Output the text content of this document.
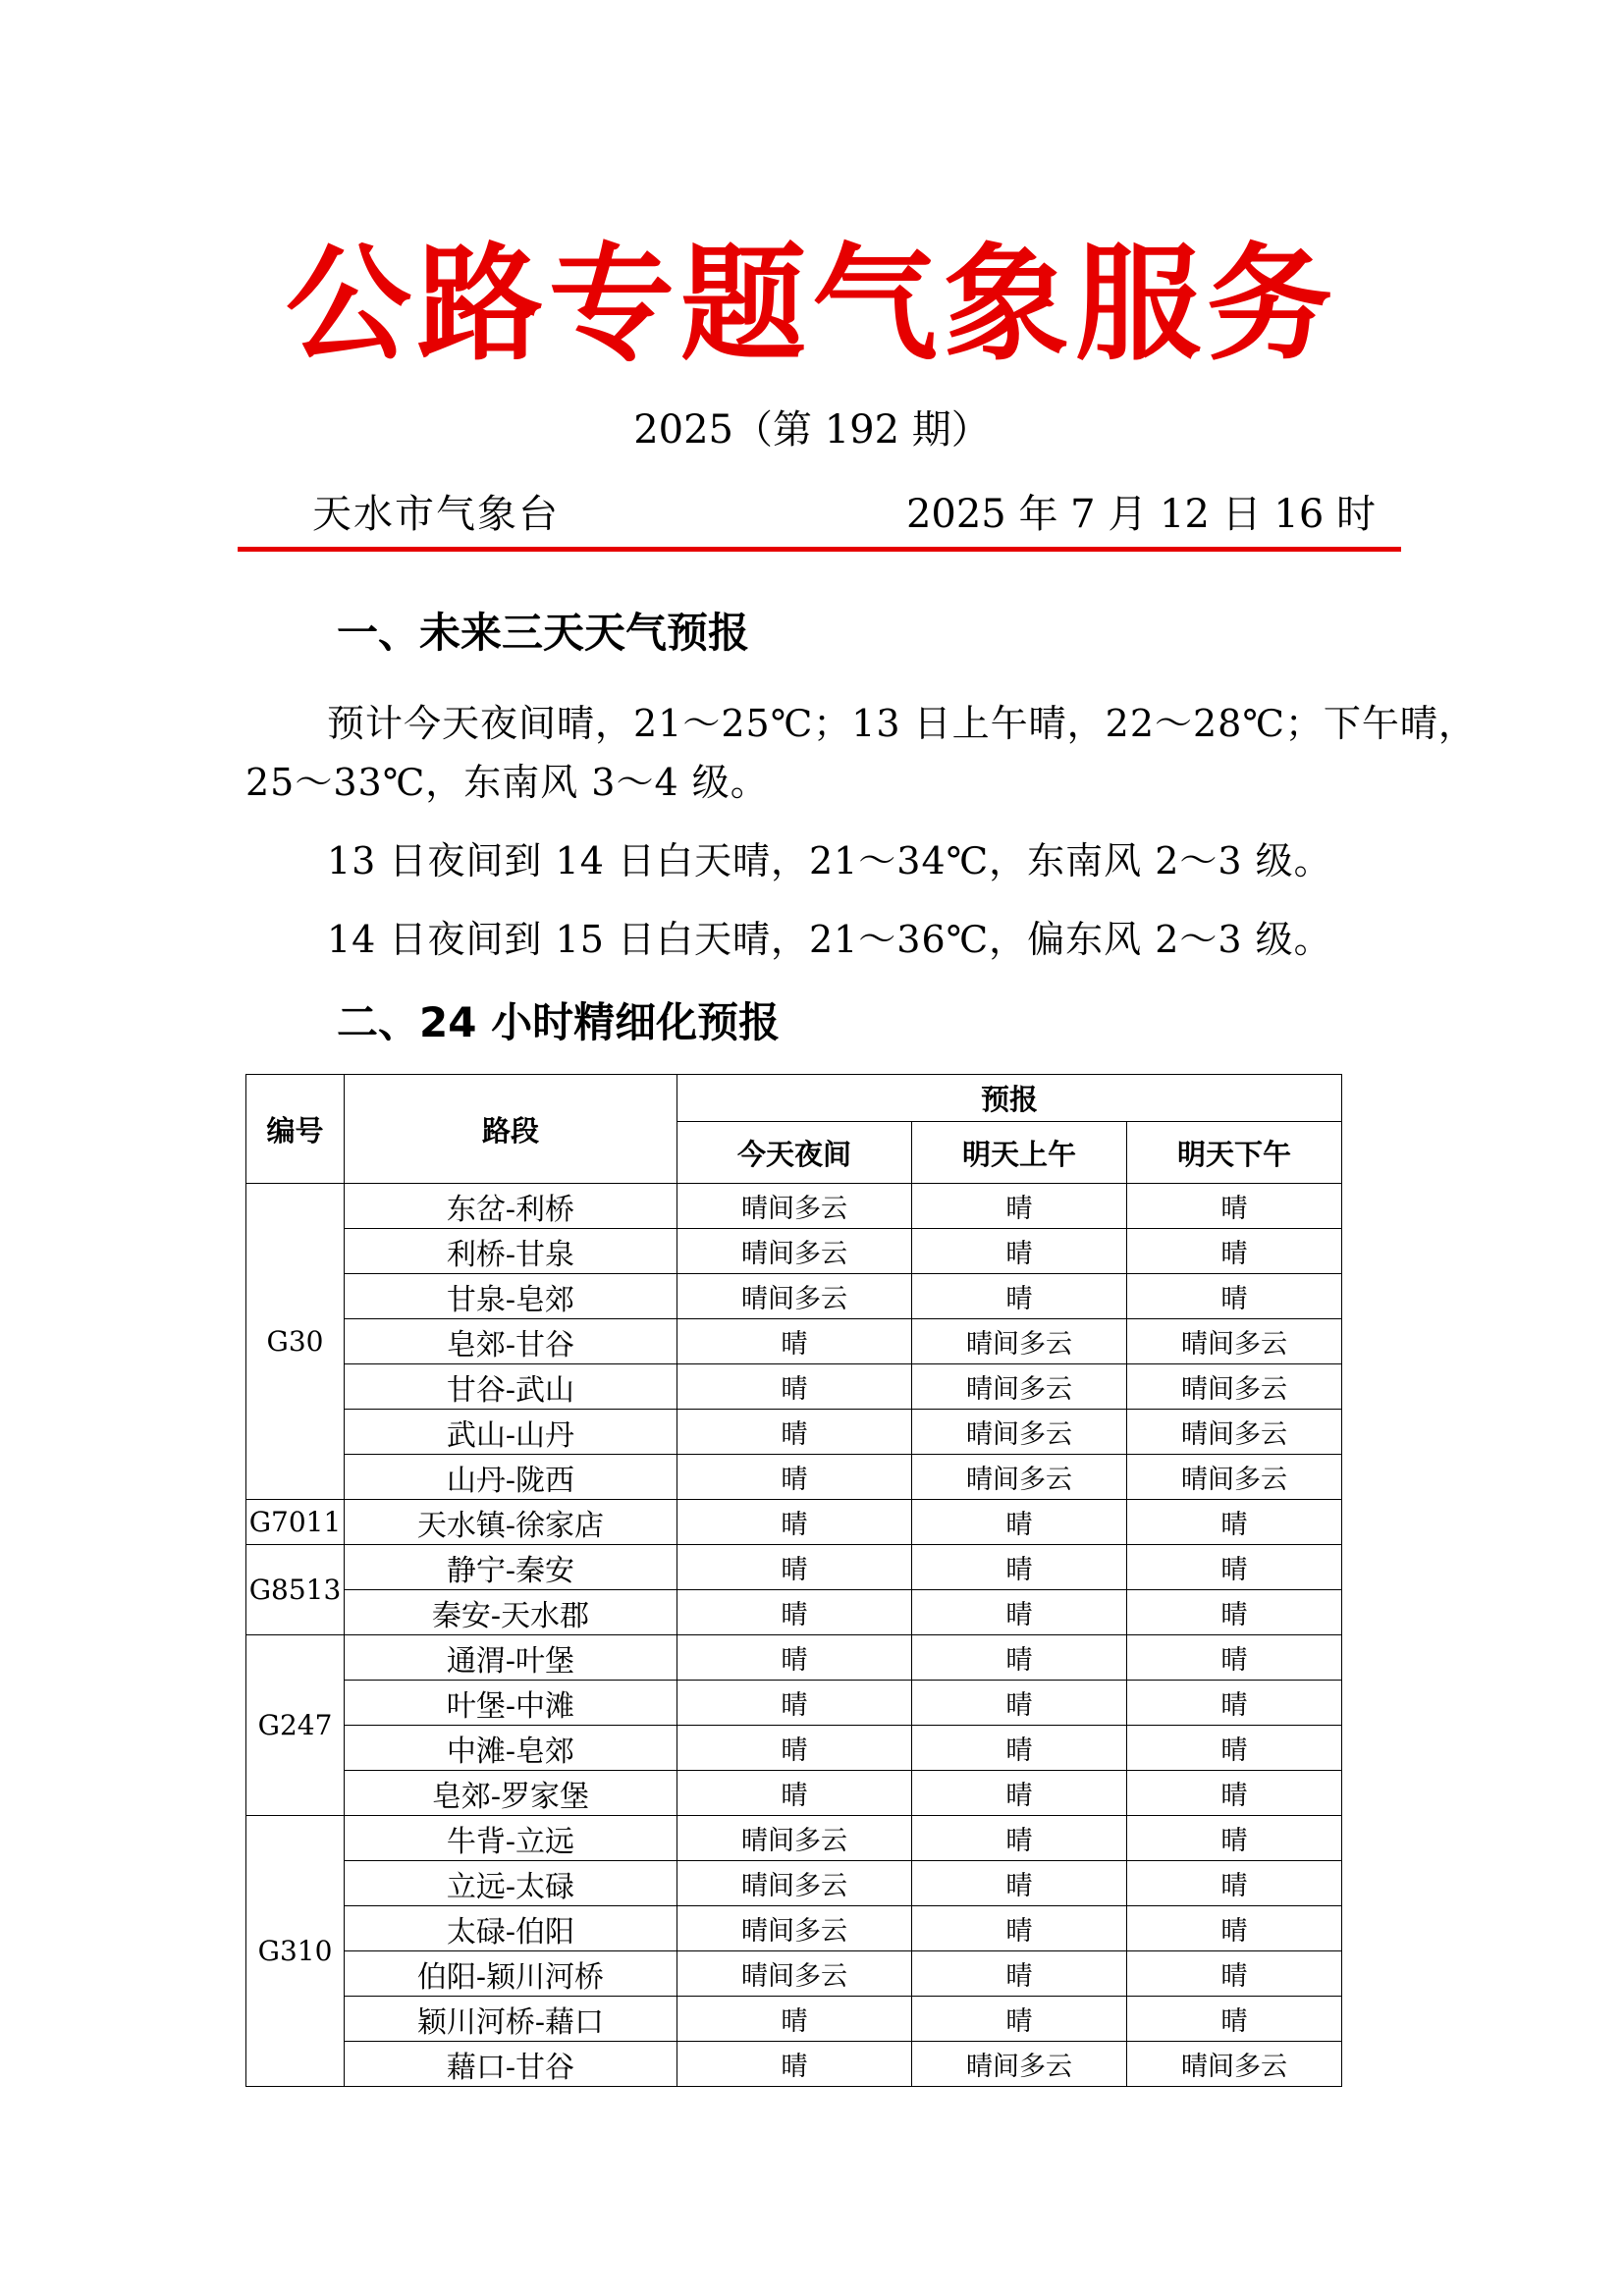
公路专题气象服务
2025（第 192 期）
天水市气象台	2025 年 7 月 12 日 16 时
一、未来三天天气预报
预计今天夜间晴，21～25℃；13 日上午晴，22～28℃；下午晴，
25～33℃，东南风 3～4 级。
13 日夜间到 14 日白天晴，21～34℃，东南风 2～3 级。
14 日夜间到 15 日白天晴，21～36℃，偏东风 2～3 级。
二、24 小时精细化预报
编号	路段	预报		
		今天夜间	明天上午	明天下午
G30	东岔-利桥	晴间多云	晴	晴
	利桥-甘泉	晴间多云	晴	晴
	甘泉-皂郊	晴间多云	晴	晴
	皂郊-甘谷	晴	晴间多云	晴间多云
	甘谷-武山	晴	晴间多云	晴间多云
	武山-山丹	晴	晴间多云	晴间多云
	山丹-陇西	晴	晴间多云	晴间多云
G7011	天水镇-徐家店	晴	晴	晴
G8513	静宁-秦安	晴	晴	晴
	秦安-天水郡	晴	晴	晴
G247	通渭-叶堡	晴	晴	晴
	叶堡-中滩	晴	晴	晴
	中滩-皂郊	晴	晴	晴
	皂郊-罗家堡	晴	晴	晴
G310	牛背-立远	晴间多云	晴	晴
	立远-太碌	晴间多云	晴	晴
	太碌-伯阳	晴间多云	晴	晴
	伯阳-颖川河桥	晴间多云	晴	晴
	颖川河桥-藉口	晴	晴	晴
	藉口-甘谷	晴	晴间多云	晴间多云
